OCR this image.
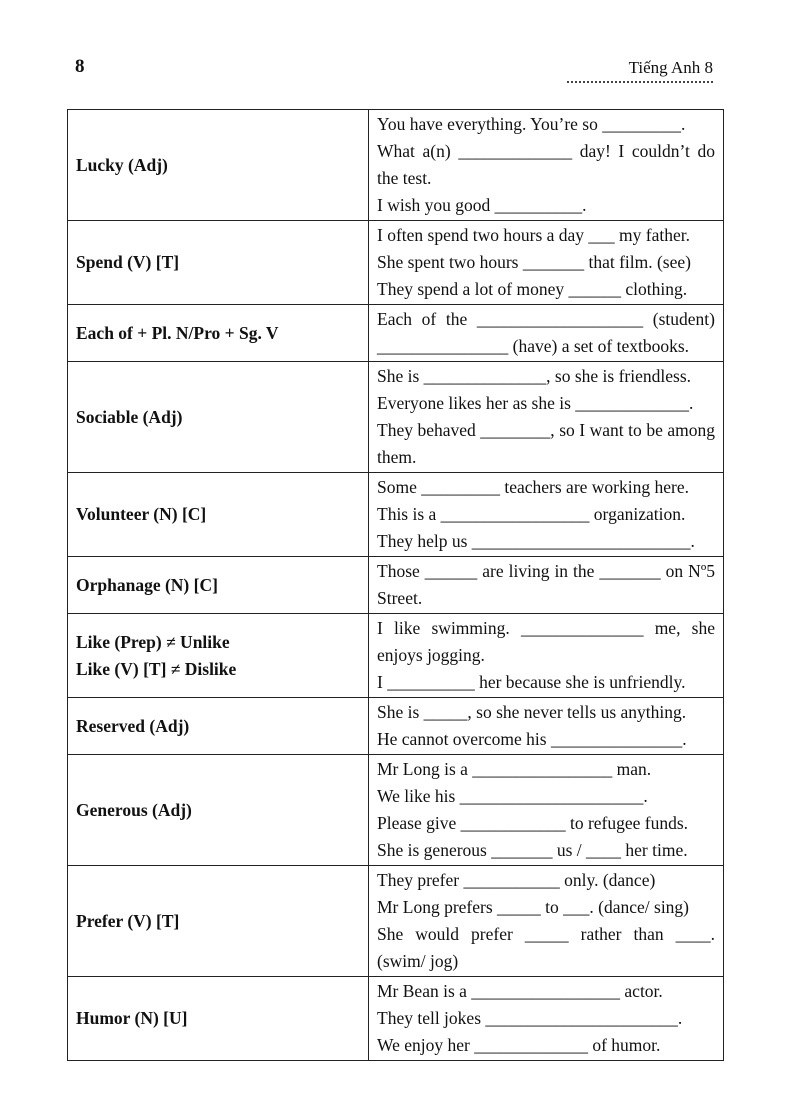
8	Tiếng Anh 8
Lucky (Adj)	You have everything. You’re so _________.
What a(n) _____________ day! I couldn’t do the test.
I wish you good __________.

Spend (V) [T]	I often spend two hours a day ___ my father.
She spent two hours _______ that film. (see)
They spend a lot of money ______ clothing.

Each of + Pl. N/Pro + Sg. V	Each of the ___________________ (student) _______________ (have) a set of textbooks.

Sociable (Adj)	She is ______________, so she is friendless.
Everyone likes her as she is _____________.
They behaved ________, so I want to be among them.

Volunteer (N) [C]	Some _________ teachers are working here.
This is a _________________ organization.
They help us _________________________.

Orphanage (N) [C]	Those ______ are living in the _______ on Nº5 Street.

Like (Prep) ≠ Unlike
Like (V) [T] ≠ Dislike	I like swimming. ______________ me, she enjoys jogging.
I __________ her because she is unfriendly.

Reserved (Adj)	She is _____, so she never tells us anything.
He cannot overcome his _______________.

Generous (Adj)	Mr Long is a ________________ man.
We like his _____________________.
Please give ____________ to refugee funds.
She is generous _______ us / ____ her time.

Prefer (V) [T]	They prefer ___________ only. (dance)
Mr Long prefers _____ to ___. (dance/ sing)
She would prefer _____ rather than ____. (swim/ jog)

Humor (N) [U]	Mr Bean is a _________________ actor.
They tell jokes ______________________.
We enjoy her _____________ of humor.
